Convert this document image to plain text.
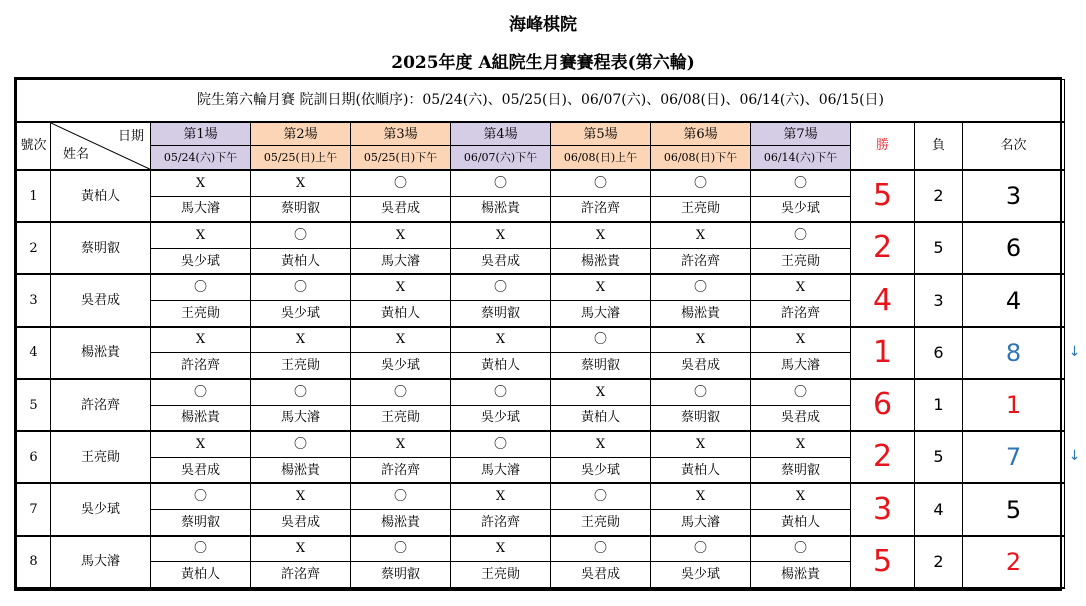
海峰棋院
2025年度 A組院生月賽賽程表(第六輪)
院生第六輪月賽 院訓日期(依順序)：05/24(六)、05/25(日)、06/07(六)、06/08(日)、06/14(六)、06/15(日)											
號次	日期
姓名	第1場	第2場	第3場	第4場	第5場	第6場	第7場	勝	負	名次
		05/24(六)下午	05/25(日)上午	05/25(日)下午	06/07(六)下午	06/08(日)上午	06/08(日)下午	06/14(六)下午			
1	黃柏人	X	X	〇	〇	〇	〇	〇	5	2	3
		馬大濬	蔡明叡	吳君成	楊淞貴	許洺齊	王亮勛	吳少珷			
2	蔡明叡	X	〇	X	X	X	X	〇	2	5	6
		吳少珷	黃柏人	馬大濬	吳君成	楊淞貴	許洺齊	王亮勛			
3	吳君成	〇	〇	X	〇	X	〇	X	4	3	4
		王亮勛	吳少珷	黃柏人	蔡明叡	馬大濬	楊淞貴	許洺齊			
4	楊淞貴	X	X	X	X	〇	X	X	1	6	8
		許洺齊	王亮勛	吳少珷	黃柏人	蔡明叡	吳君成	馬大濬			
5	許洺齊	〇	〇	〇	〇	X	〇	〇	6	1	1
		楊淞貴	馬大濬	王亮勛	吳少珷	黃柏人	蔡明叡	吳君成			
6	王亮勛	X	〇	X	〇	X	X	X	2	5	7
		吳君成	楊淞貴	許洺齊	馬大濬	吳少珷	黃柏人	蔡明叡			
7	吳少珷	〇	X	〇	X	〇	X	X	3	4	5
		蔡明叡	吳君成	楊淞貴	許洺齊	王亮勛	馬大濬	黃柏人			
8	馬大濬	〇	X	〇	X	〇	〇	〇	5	2	2
		黃柏人	許洺齊	蔡明叡	王亮勛	吳君成	吳少珷	楊淞貴			
↓
↓
